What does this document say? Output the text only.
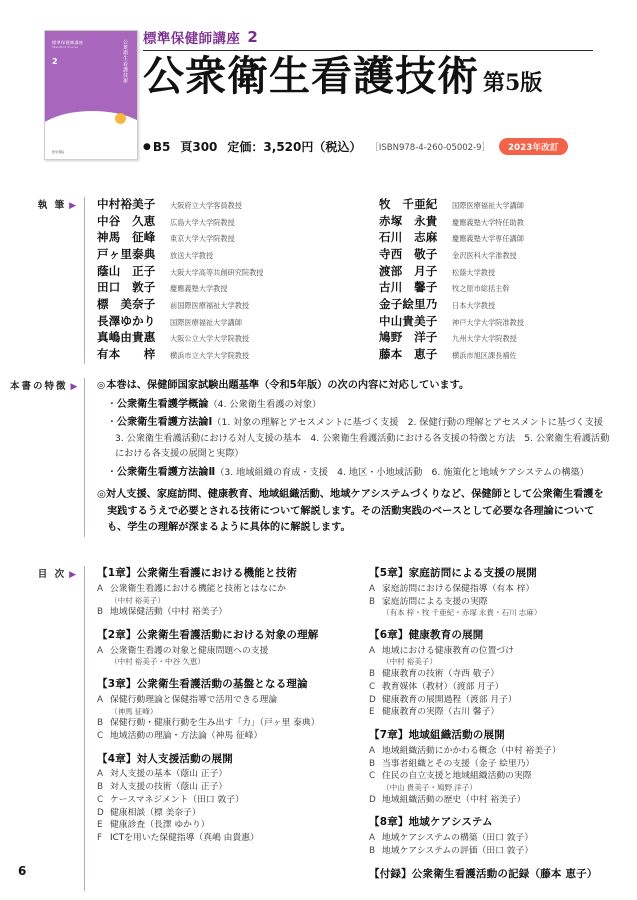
標準保健師講座
Standard Course
2	公衆衛生看護技術
医学書院
標準保健師講座 2
公衆衛生看護技術 第5版
● B5 頁300 定価：3,520円（税込） ［ISBN978-4-260-05002-9］	2023年改訂
執 筆 ▶	中村裕美子	大阪府立大学客員教授
中谷　久恵	広島大学大学院教授
神馬　征峰	東京大学大学院教授
戸ヶ里泰典	放送大学教授
蔭山　正子	大阪大学高等共創研究院教授
田口　敦子	慶應義塾大学教授
標　美奈子	前国際医療福祉大学教授
長澤ゆかり	国際医療福祉大学講師
真嶋由貴惠	大阪公立大学大学院教授
有本　　梓	横浜市立大学大学院教授
牧　千亜紀	国際医療福祉大学講師
赤塚　永貴	慶應義塾大学特任助教
石川　志麻	慶應義塾大学専任講師
寺西　敬子	金沢医科大学准教授
渡部　月子	松蔭大学教授
古川　馨子	牧之原市総括主幹
金子絵里乃	日本大学教授
中山貴美子	神戸大学大学院准教授
鳩野　洋子	九州大学大学院教授
藤本　恵子	横浜市旭区課長補佐
本書の特徴 ▶	◎本巻は、保健師国家試験出題基準（令和5年版）の次の内容に対応しています。
・公衆衛生看護学概論（4. 公衆衛生看護の対象）
・公衆衛生看護方法論Ⅰ（1. 対象の理解とアセスメントに基づく支援　2. 保健行動の理解とアセスメントに基づく支援　3. 公衆衛生看護活動における対人支援の基本　4. 公衆衛生看護活動における各支援の特徴と方法　5. 公衆衛生看護活動における各支援の展開と実際）
・公衆衛生看護方法論Ⅱ（3. 地域組織の育成・支援　4. 地区・小地域活動　6. 施策化と地域ケアシステムの構築）
◎対人支援、家庭訪問、健康教育、地域組織活動、地域ケアシステムづくりなど、保健師として公衆衛生看護を実践するうえで必要とされる技術について解説します。その活動実践のベースとして必要な各理論についても、学生の理解が深まるように具体的に解説します。
目 次 ▶	【1章】公衆衛生看護における機能と技術
A 公衆衛生看護における機能と技術とはなにか
（中村 裕美子）
B 地域保健活動（中村 裕美子）
【2章】公衆衛生看護活動における対象の理解
A 公衆衛生看護の対象と健康問題への支援
（中村 裕美子・中谷 久恵）
【3章】公衆衛生看護活動の基盤となる理論
A 保健行動理論と保健指導で活用できる理論
（神馬 征峰）
B 保健行動・健康行動を生み出す「力」（戸ヶ里 泰典）
C 地域活動の理論・方法論（神馬 征峰）
【4章】対人支援活動の展開
A 対人支援の基本（蔭山 正子）
B 対人支援の技術（蔭山 正子）
C ケースマネジメント（田口 敦子）
D 健康相談（標 美奈子）
E 健康診査（長澤 ゆかり）
F ICTを用いた保健指導（真嶋 由貴惠）
【5章】家庭訪問による支援の展開
A 家庭訪問における保健指導（有本 梓）
B 家庭訪問による支援の実際
（有本 梓・牧 千亜紀・赤塚 永貴・石川 志麻）
【6章】健康教育の展開
A 地域における健康教育の位置づけ
（中村 裕美子）
B 健康教育の技術（寺西 敬子）
C 教育媒体（教材）（渡部 月子）
D 健康教育の展開過程（渡部 月子）
E 健康教育の実際（古川 馨子）
【7章】地域組織活動の展開
A 地域組織活動にかかわる概念（中村 裕美子）
B 当事者組織とその支援（金子 絵里乃）
C 住民の自立支援と地域組織活動の実際
（中山 貴美子・鳩野 洋子）
D 地域組織活動の歴史（中村 裕美子）
【8章】地域ケアシステム
A 地域ケアシステムの構築（田口 敦子）
B 地域ケアシステムの評価（田口 敦子）
【付録】公衆衛生看護活動の記録（藤本 恵子）
6
